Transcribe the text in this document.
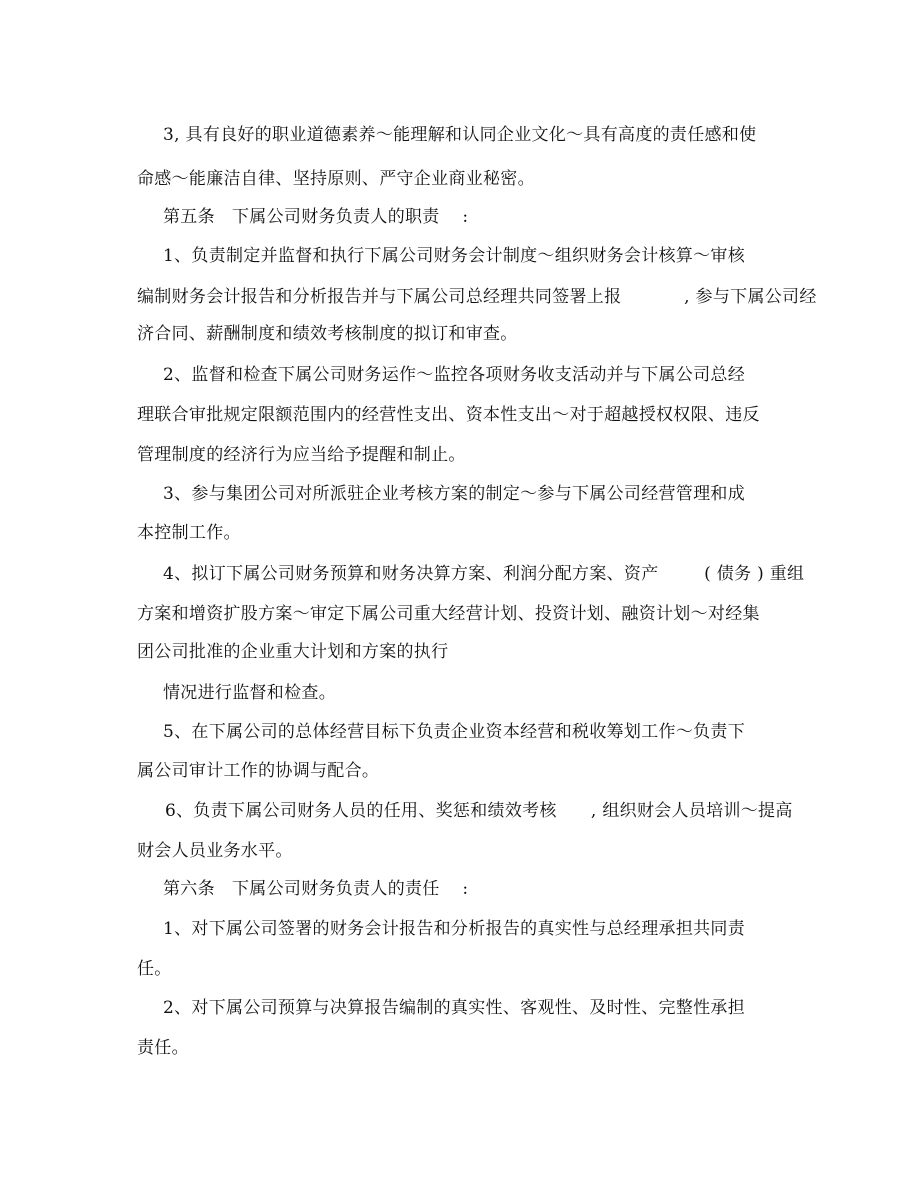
3, 具有良好的职业道德素养～能理解和认同企业文化～具有高度的责任感和使
命感～能廉洁自律、坚持原则、严守企业商业秘密。
第五条   下属公司财务负责人的职责    :
1、负责制定并监督和执行下属公司财务会计制度～组织财务会计核算～审核
编制财务会计报告和分析报告并与下属公司总经理共同签署上报           , 参与下属公司经
济合同、薪酬制度和绩效考核制度的拟订和审查。
2、监督和检查下属公司财务运作～监控各项财务收支活动并与下属公司总经
理联合审批规定限额范围内的经营性支出、资本性支出～对于超越授权权限、违反
管理制度的经济行为应当给予提醒和制止。
3、参与集团公司对所派驻企业考核方案的制定～参与下属公司经营管理和成
本控制工作。
4、拟订下属公司财务预算和财务决算方案、利润分配方案、资产        ( 债务 ) 重组
方案和增资扩股方案～审定下属公司重大经营计划、投资计划、融资计划～对经集
团公司批准的企业重大计划和方案的执行
情况进行监督和检查。
5、在下属公司的总体经营目标下负责企业资本经营和税收筹划工作～负责下
属公司审计工作的协调与配合。
6、负责下属公司财务人员的任用、奖惩和绩效考核      , 组织财会人员培训～提高
财会人员业务水平。
第六条   下属公司财务负责人的责任    :
1、对下属公司签署的财务会计报告和分析报告的真实性与总经理承担共同责
任。
2、对下属公司预算与决算报告编制的真实性、客观性、及时性、完整性承担
责任。
